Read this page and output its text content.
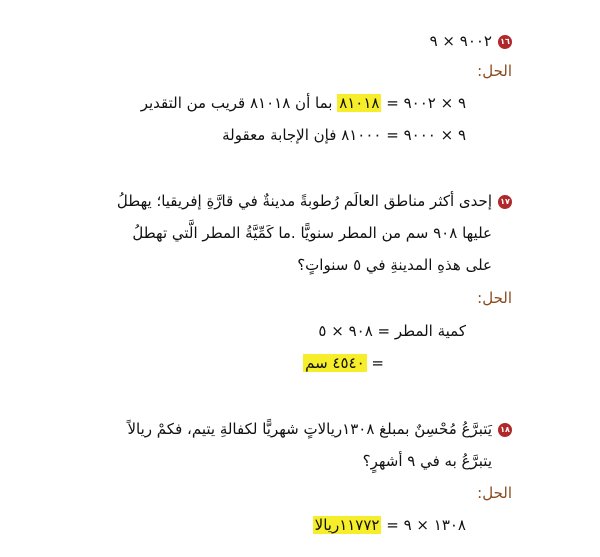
١٦٩٠٠٢ × ٩
الحل:
٩ × ٩٠٠٢ = ٨١٠١٨ بما أن ٨١٠١٨ قريب من التقدير
٩ × ٩٠٠٠ = ٨١٠٠٠ فإن الإجابة معقولة
١٧إحدى أكثر مناطق العالَم رُطوبةً مدينةٌ في قارَّةِ إفريقيا؛ يهطلُ
عليها ٩٠٨ سم من المطر سنويًّا .ما كَمِّيَّةُ المطر الَّتي تهطلُ
على هذهِ المدينةِ في ٥ سنواتٍ؟
الحل:
كمية المطر = ٩٠٨ × ٥
= ٤٥٤٠ سم
١٨يَتبرَّعُ مُحْسِنٌ بمبلغ ١٣٠٨ريالاتٍ شهريًّا لكفالةِ يتيم، فكمْ ريالاً
يتبرَّعُ به في ٩ أشهرٍ؟
الحل:
١٣٠٨ × ٩ = ١١٧٧٢ريالا
